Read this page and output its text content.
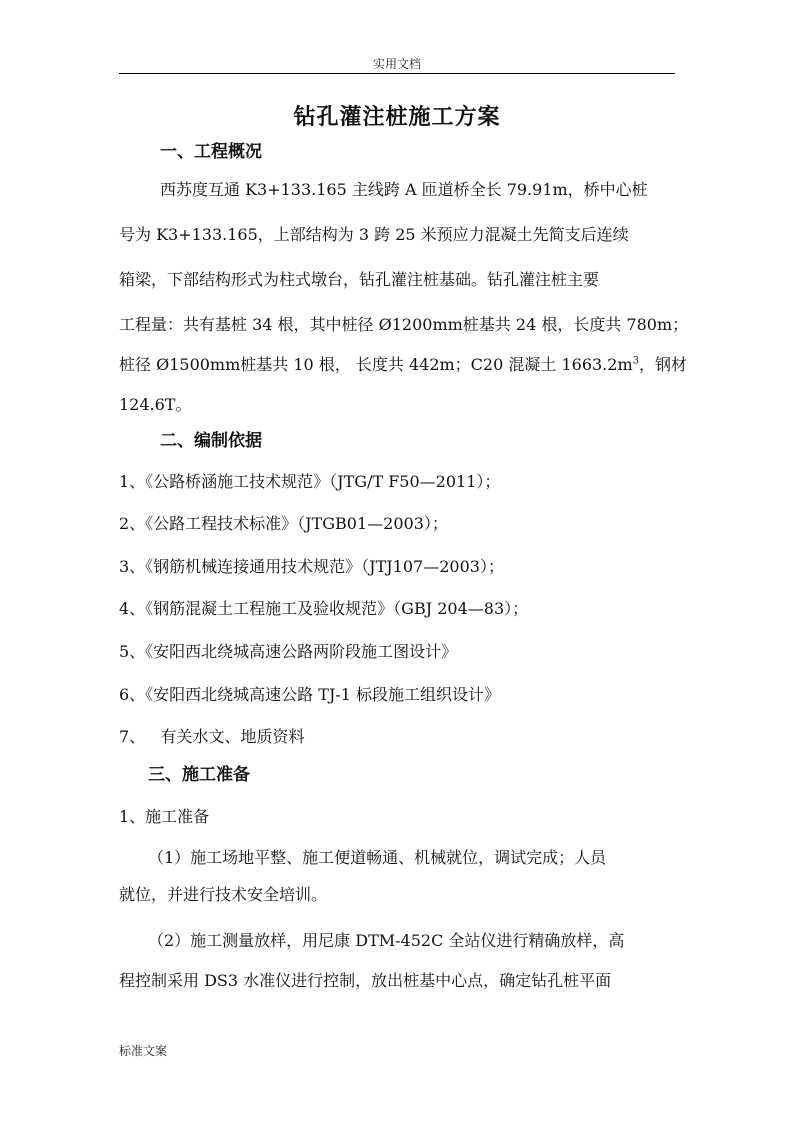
实用文档
钻孔灌注桩施工方案
一、工程概况
西苏度互通 K3+133.165 主线跨 A 匝道桥全长 79.91m，桥中心桩
号为 K3+133.165，上部结构为 3 跨 25 米预应力混凝土先简支后连续
箱梁，下部结构形式为柱式墩台，钻孔灌注桩基础。钻孔灌注桩主要
工程量：共有基桩 34 根，其中桩径 Ø1200mm桩基共 24 根，长度共 780m；
桩径 Ø1500mm桩基共 10 根， 长度共 442m；C20 混凝土 $1663.2m^3$，钢材
124.6T。
二、编制依据
1、《公路桥涵施工技术规范》（JTG/T F50—2011）；
2、《公路工程技术标准》（JTGB01—2003）；
3、《钢筋机械连接通用技术规范》（JTJ107—2003）；
4、《钢筋混凝土工程施工及验收规范》（GBJ 204—83）；
5、《安阳西北绕城高速公路两阶段施工图设计》
6、《安阳西北绕城高速公路 TJ-1 标段施工组织设计》
7、   有关水文、地质资料
三、施工准备
1、施工准备
（1）施工场地平整、施工便道畅通、机械就位，调试完成；人员
就位，并进行技术安全培训。
（2）施工测量放样，用尼康 DTM-452C 全站仪进行精确放样，高
程控制采用 DS3 水准仪进行控制，放出桩基中心点，确定钻孔桩平面
标准文案
